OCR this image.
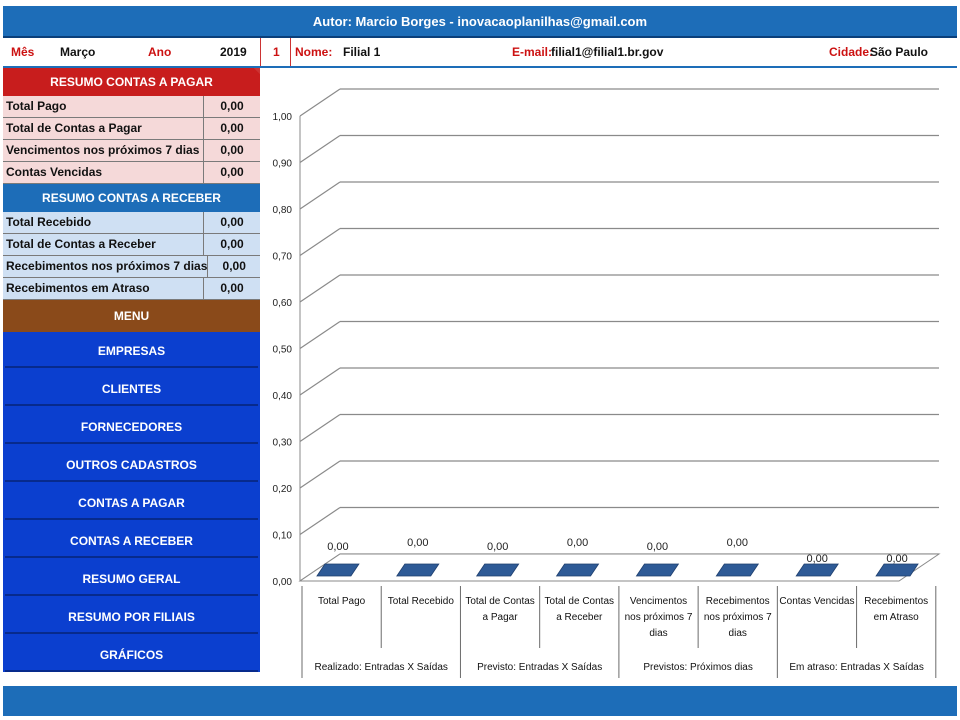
Autor: Marcio Borges - inovacaoplanilhas@gmail.com
Mês Março	Ano	2019 1 Nome: Filial 1	E-mail:
filial1@filial1.br.gov	Cidade:
São Paulo
RESUMO CONTAS A PAGAR
Total Pago	0,00
Total de Contas a Pagar	0,00
Vencimentos nos próximos 7 dias	0,00
Contas Vencidas	0,00
RESUMO CONTAS A RECEBER
Total Recebido	0,00
Total de Contas a Receber	0,00
Recebimentos nos próximos 7 dias	0,00
Recebimentos em Atraso	0,00
MENU
EMPRESAS
CLIENTES
FORNECEDORES
OUTROS CADASTROS
CONTAS A PAGAR
CONTAS A RECEBER
RESUMO GERAL
RESUMO POR FILIAIS
GRÁFICOS
0,00
0,10
0,20
0,30
0,40
0,50
0,60
0,70
0,80
0,90
1,00
0,00	0,00	0,00	0,00	0,00	0,00
0,00	0,00
Total Pago Total Recebido Total de Contas
a Pagar
Total de Contas
a Receber
Vencimentos
nos próximos 7
dias
Recebimentos
nos próximos 7
dias
Contas Vencidas Recebimentos
em Atraso
Realizado: Entradas X Saídas	Previsto: Entradas X Saídas	Previstos: Próximos dias	Em atraso: Entradas X Saídas
